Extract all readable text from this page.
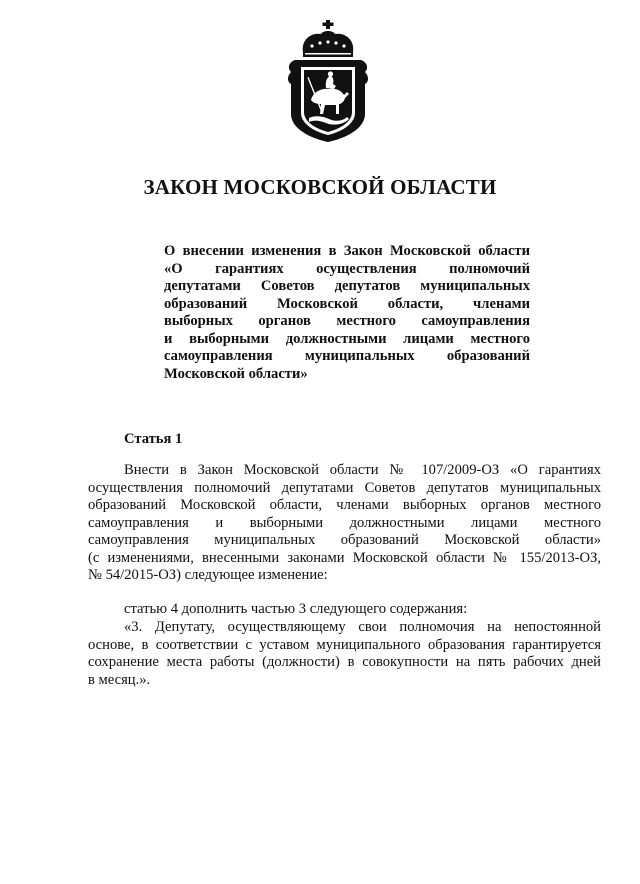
ЗАКОН МОСКОВСКОЙ ОБЛАСТИ
О внесении изменения в Закон Московской области
«О гарантиях осуществления полномочий
депутатами Советов депутатов муниципальных
образований Московской области, членами
выборных органов местного самоуправления
и выборными должностными лицами местного
самоуправления муниципальных образований
Московской области»
Статья 1
Внести в Закон Московской области № 107/2009-ОЗ «О гарантиях
осуществления полномочий депутатами Советов депутатов муниципальных
образований Московской области, членами выборных органов местного
самоуправления и выборными должностными лицами местного
самоуправления муниципальных образований Московской области»
(с изменениями, внесенными законами Московской области № 155/2013-ОЗ,
№ 54/2015-ОЗ) следующее изменение:
статью 4 дополнить частью 3 следующего содержания:
«3. Депутату, осуществляющему свои полномочия на непостоянной
основе, в соответствии с уставом муниципального образования гарантируется
сохранение места работы (должности) в совокупности на пять рабочих дней
в месяц.».
